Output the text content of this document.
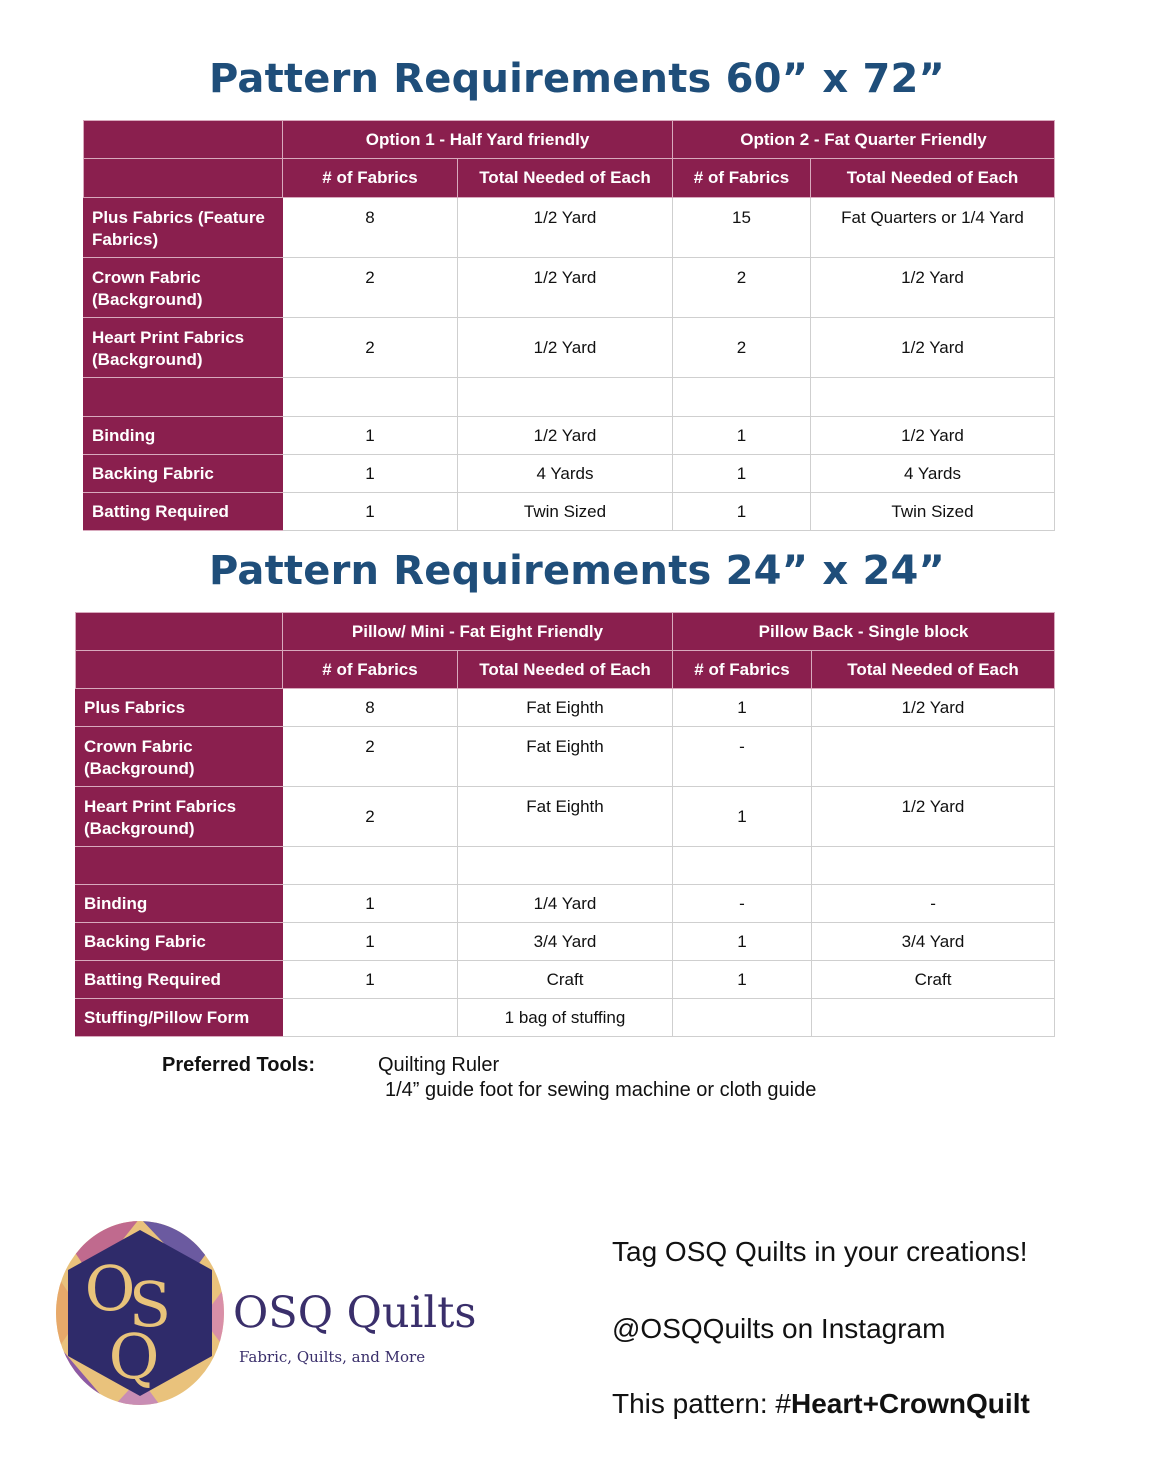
Pattern Requirements 60” x 72”
	Option 1 - Half Yard friendly		Option 2 - Fat Quarter Friendly	
	# of Fabrics	Total Needed of Each	# of Fabrics	Total Needed of Each
Plus Fabrics (Feature Fabrics)	8	1/2 Yard	15	Fat Quarters or 1/4 Yard
Crown Fabric (Background)	2	1/2 Yard	2	1/2 Yard
Heart Print Fabrics (Background)	2	1/2 Yard	2	1/2 Yard

Binding	1	1/2 Yard	1	1/2 Yard
Backing Fabric	1	4 Yards	1	4 Yards
Batting Required	1	Twin Sized	1	Twin Sized
Pattern Requirements 24” x 24”
	Pillow/ Mini - Fat Eight Friendly		Pillow Back - Single block	
	# of Fabrics	Total Needed of Each	# of Fabrics	Total Needed of Each
Plus Fabrics	8	Fat Eighth	1	1/2 Yard
Crown Fabric (Background)	2	Fat Eighth	-	
Heart Print Fabrics (Background)	2	Fat Eighth	1	1/2 Yard

Binding	1	1/4 Yard	-	-
Backing Fabric	1	3/4 Yard	1	3/4 Yard
Batting Required	1	Craft	1	Craft
Stuffing/Pillow Form		1 bag of stuffing		
Preferred Tools:	Quilting Ruler
1/4” guide foot for sewing machine or cloth guide
O
S
Q
OSQ Quilts
Fabric, Quilts, and More
Tag OSQ Quilts in your creations!
@OSQQuilts on Instagram
This pattern: #Heart+CrownQuilt
